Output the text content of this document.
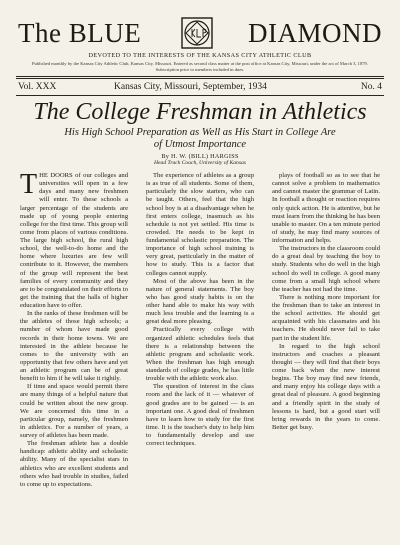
The BLUE	DIAMOND
DEVOTED TO THE INTERESTS OF THE KANSAS CITY ATHLETIC CLUB
Published monthly by the Kansas City Athletic Club, Kansas City, Missouri. Entered as second class matter at the post office at Kansas City, Missouri, under the act of March 3, 1879. Subscription price to members included in dues.
Vol. XXX	Kansas City, Missouri, September, 1934	No. 4
The College Freshman in Athletics
His High School Preparation as Well as His Start in College Are of Utmost Importance
By H. W. (BILL) HARGISS
Head Track Coach, University of Kansas

THE DOORS of our colleges and universities will open in a few days and many new freshmen will enter. To these schools a larger percentage of the students are made up of young people entering college for the first time. This group will come from places of various conditions. The large high school, the rural high school, the well-to-do home and the home where luxuries are few will contribute to it. However, the members of the group will represent the best families of every community and they are to be congratulated on their efforts to get the training that the halls of higher education have to offer.

In the ranks of these freshmen will be the athletes of those high schools; a number of whom have made good records in their home towns. We are interested in the athlete because he comes to the university with an opportunity that few others have and yet an athletic program can be of great benefit to him if he will take it rightly.

If time and space would permit there are many things of a helpful nature that could be written about the new group. We are concerned this time in a particular group, namely, the freshmen in athletics. For a number of years, a survey of athletes has been made.

The freshman athlete has a double handicap: athletic ability and scholastic ability. Many of the specialist stars in athletics who are excellent students and others who had trouble in studies, failed to come up to expectations.

The experience of athletes as a group is as true of all students. Some of them, particularly the slow starters, who can be taught. Others, feel that the high school boy is at a disadvantage when he first enters college, inasmuch as his schedule is not yet settled. His time is crowded. He needs to be kept in fundamental scholastic preparation. The importance of high school training is very great, particularly in the matter of how to study. This is a factor that colleges cannot supply.

Most of the above has been in the nature of general statements. The boy who has good study habits is on the other hand able to make his way with much less trouble and the learning is a great deal more pleasing.

Practically every college with organized athletic schedules feels that there is a relationship between the athletic program and scholastic work. When the freshman has high enough standards of college grades, he has little trouble with the athletic work also.

The question of interest in the class room and the lack of it — whatever of good grades are to be gained — is an important one. A good deal of freshmen have to learn how to study for the first time. It is the teacher's duty to help him to fundamentally develop and use correct techniques.

plays of football so as to see that he cannot solve a problem in mathematics and cannot master the grammar of Latin. In football a thought or reaction requires only quick action. He is attentive, but he must learn from the thinking he has been unable to master. On a ten minute period of study, he may find many sources of information and helps.

The instructors in the classroom could do a great deal by teaching the boy to study. Students who do well in the high school do well in college. A good many come from a small high school where the teacher has not had the time.

There is nothing more important for the freshman than to take an interest in the school activities. He should get acquainted with his classmates and his teachers. He should never fail to take part in the student life.

In regard to the high school instructors and coaches a pleasant thought — they will find that their boys come back when the new interest begins. The boy may find new friends, and many enjoy his college days with a great deal of pleasure. A good beginning and a friendly spirit in the study of lessons is hard, but a good start will bring rewards in the years to come. Better get busy.
